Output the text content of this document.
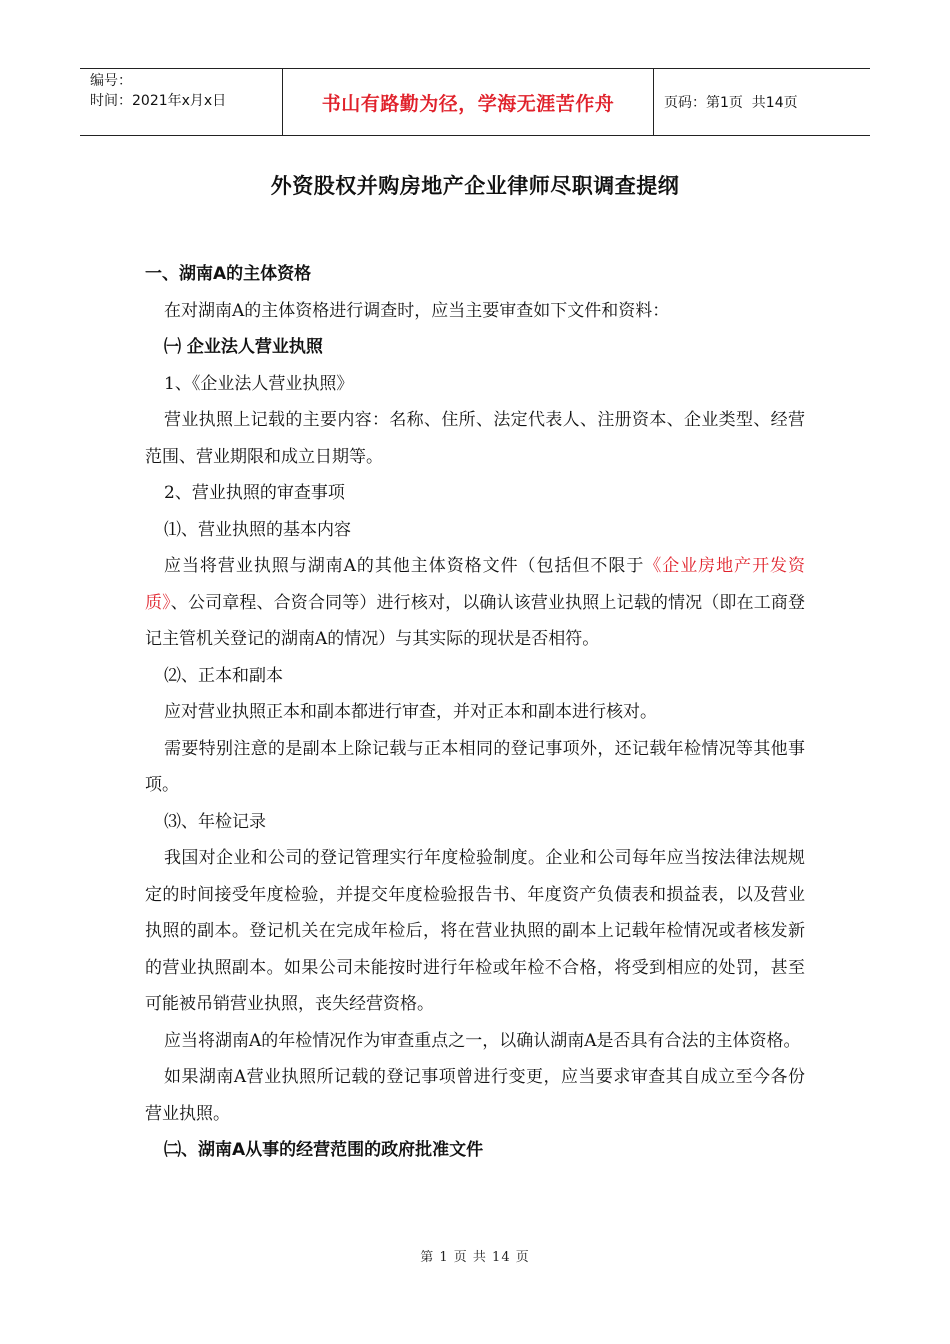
编号：
时间：2021年x月x日	书山有路勤为径，学海无涯苦作舟	页码：第1页  共14页
外资股权并购房地产企业律师尽职调查提纲
一、湖南A的主体资格
在对湖南A的主体资格进行调查时，应当主要审查如下文件和资料：
㈠ 企业法人营业执照
1、《企业法人营业执照》

营业执照上记载的主要内容：名称、住所、法定代表人、注册资本、企业类型、经营范围、营业期限和成立日期等。

2、营业执照的审查事项
⑴、营业执照的基本内容

应当将营业执照与湖南A的其他主体资格文件（包括但不限于《企业房地产开发资质》、公司章程、合资合同等）进行核对，以确认该营业执照上记载的情况（即在工商登记主管机关登记的湖南A的情况）与其实际的现状是否相符。

⑵、正本和副本

应对营业执照正本和副本都进行审查，并对正本和副本进行核对。

需要特别注意的是副本上除记载与正本相同的登记事项外，还记载年检情况等其他事项。

⑶、年检记录

我国对企业和公司的登记管理实行年度检验制度。企业和公司每年应当按法律法规规定的时间接受年度检验，并提交年度检验报告书、年度资产负债表和损益表，以及营业执照的副本。登记机关在完成年检后，将在营业执照的副本上记载年检情况或者核发新的营业执照副本。如果公司未能按时进行年检或年检不合格，将受到相应的处罚，甚至可能被吊销营业执照，丧失经营资格。

应当将湖南A的年检情况作为审查重点之一，以确认湖南A是否具有合法的主体资格。

如果湖南A营业执照所记载的登记事项曾进行变更，应当要求审查其自成立至今各份营业执照。

㈡、湖南A从事的经营范围的政府批准文件
第 1 页 共 14 页
